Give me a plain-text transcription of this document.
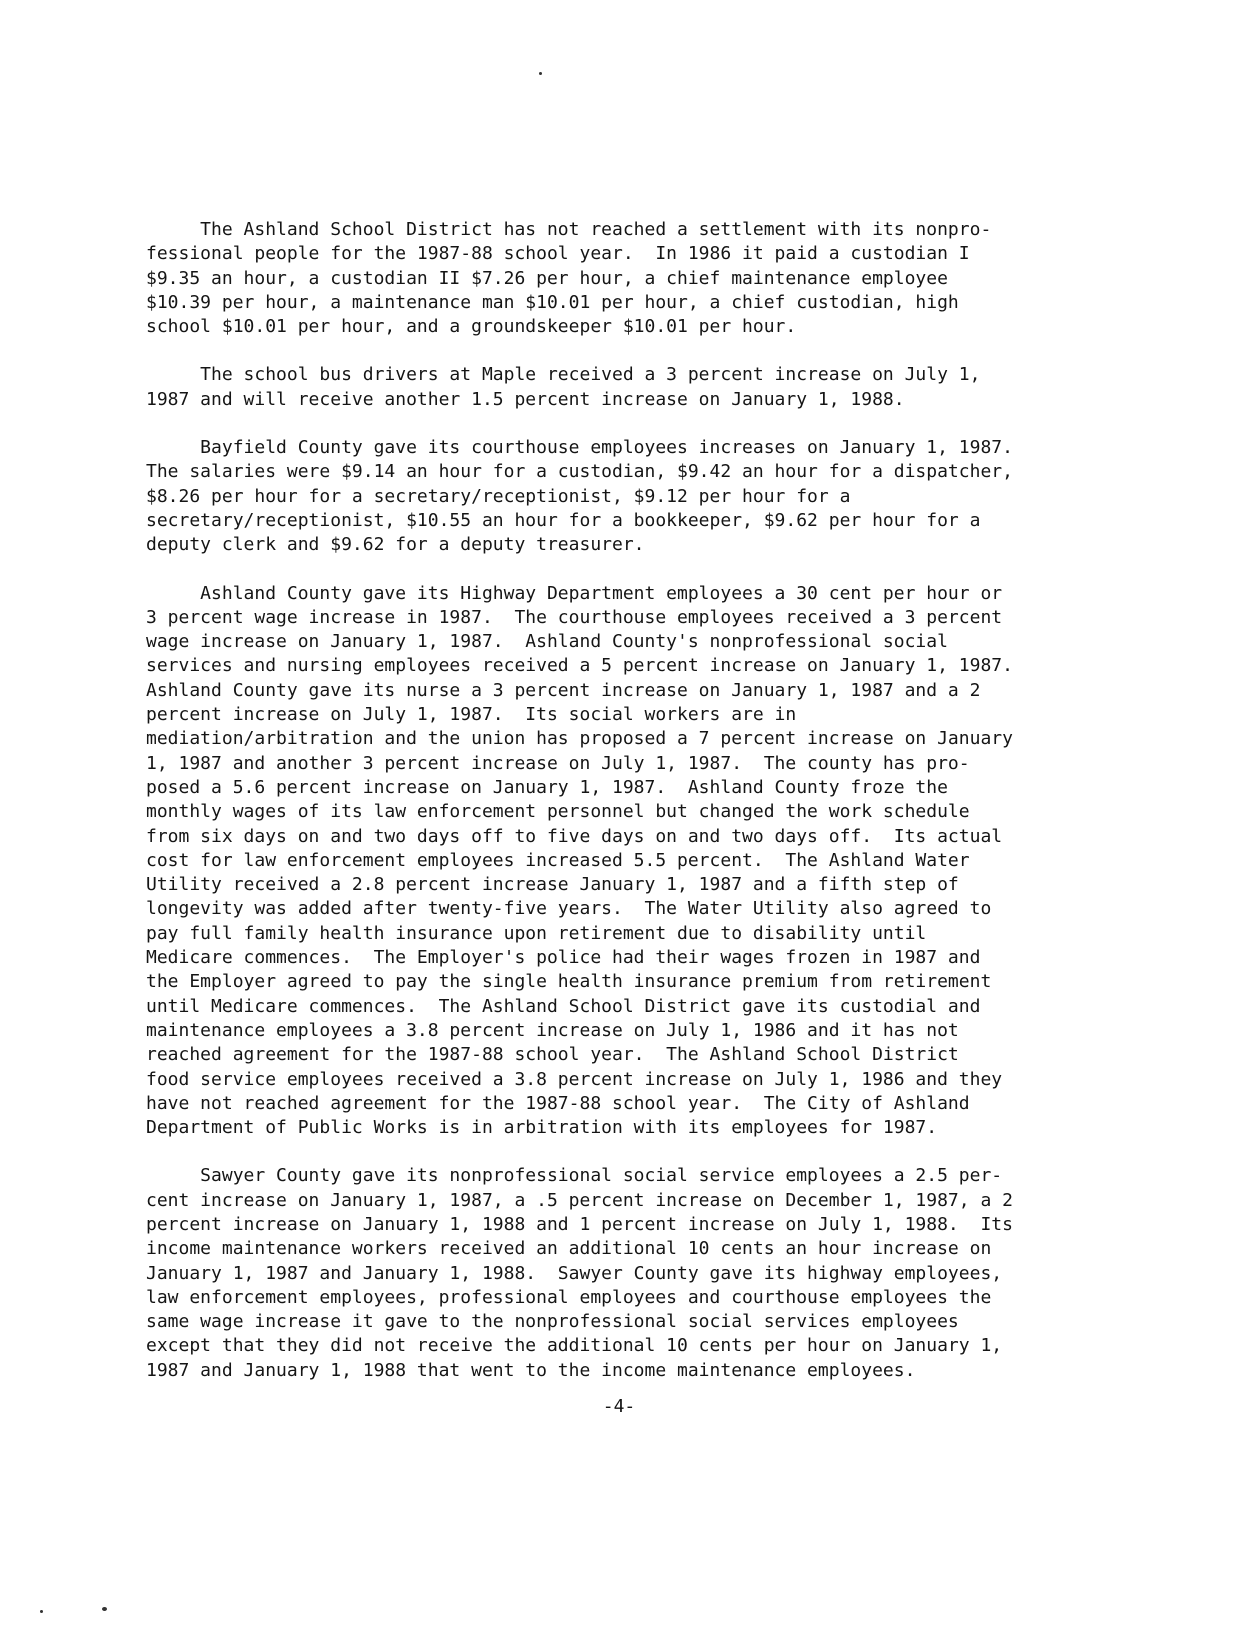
The Ashland School District has not reached a settlement with its nonpro-
fessional people for the 1987-88 school year.  In 1986 it paid a custodian I
$9.35 an hour, a custodian II $7.26 per hour, a chief maintenance employee
$10.39 per hour, a maintenance man $10.01 per hour, a chief custodian, high
school $10.01 per hour, and a groundskeeper $10.01 per hour.
The school bus drivers at Maple received a 3 percent increase on July 1,
1987 and will receive another 1.5 percent increase on January 1, 1988.
Bayfield County gave its courthouse employees increases on January 1, 1987.
The salaries were $9.14 an hour for a custodian, $9.42 an hour for a dispatcher,
$8.26 per hour for a secretary/receptionist, $9.12 per hour for a
secretary/receptionist, $10.55 an hour for a bookkeeper, $9.62 per hour for a
deputy clerk and $9.62 for a deputy treasurer.
Ashland County gave its Highway Department employees a 30 cent per hour or
3 percent wage increase in 1987.  The courthouse employees received a 3 percent
wage increase on January 1, 1987.  Ashland County's nonprofessional social
services and nursing employees received a 5 percent increase on January 1, 1987.
Ashland County gave its nurse a 3 percent increase on January 1, 1987 and a 2
percent increase on July 1, 1987.  Its social workers are in
mediation/arbitration and the union has proposed a 7 percent increase on January
1, 1987 and another 3 percent increase on July 1, 1987.  The county has pro-
posed a 5.6 percent increase on January 1, 1987.  Ashland County froze the
monthly wages of its law enforcement personnel but changed the work schedule
from six days on and two days off to five days on and two days off.  Its actual
cost for law enforcement employees increased 5.5 percent.  The Ashland Water
Utility received a 2.8 percent increase January 1, 1987 and a fifth step of
longevity was added after twenty-five years.  The Water Utility also agreed to
pay full family health insurance upon retirement due to disability until
Medicare commences.  The Employer's police had their wages frozen in 1987 and
the Employer agreed to pay the single health insurance premium from retirement
until Medicare commences.  The Ashland School District gave its custodial and
maintenance employees a 3.8 percent increase on July 1, 1986 and it has not
reached agreement for the 1987-88 school year.  The Ashland School District
food service employees received a 3.8 percent increase on July 1, 1986 and they
have not reached agreement for the 1987-88 school year.  The City of Ashland
Department of Public Works is in arbitration with its employees for 1987.
Sawyer County gave its nonprofessional social service employees a 2.5 per-
cent increase on January 1, 1987, a .5 percent increase on December 1, 1987, a 2
percent increase on January 1, 1988 and 1 percent increase on July 1, 1988.  Its
income maintenance workers received an additional 10 cents an hour increase on
January 1, 1987 and January 1, 1988.  Sawyer County gave its highway employees,
law enforcement employees, professional employees and courthouse employees the
same wage increase it gave to the nonprofessional social services employees
except that they did not receive the additional 10 cents per hour on January 1,
1987 and January 1, 1988 that went to the income maintenance employees.
-4-
